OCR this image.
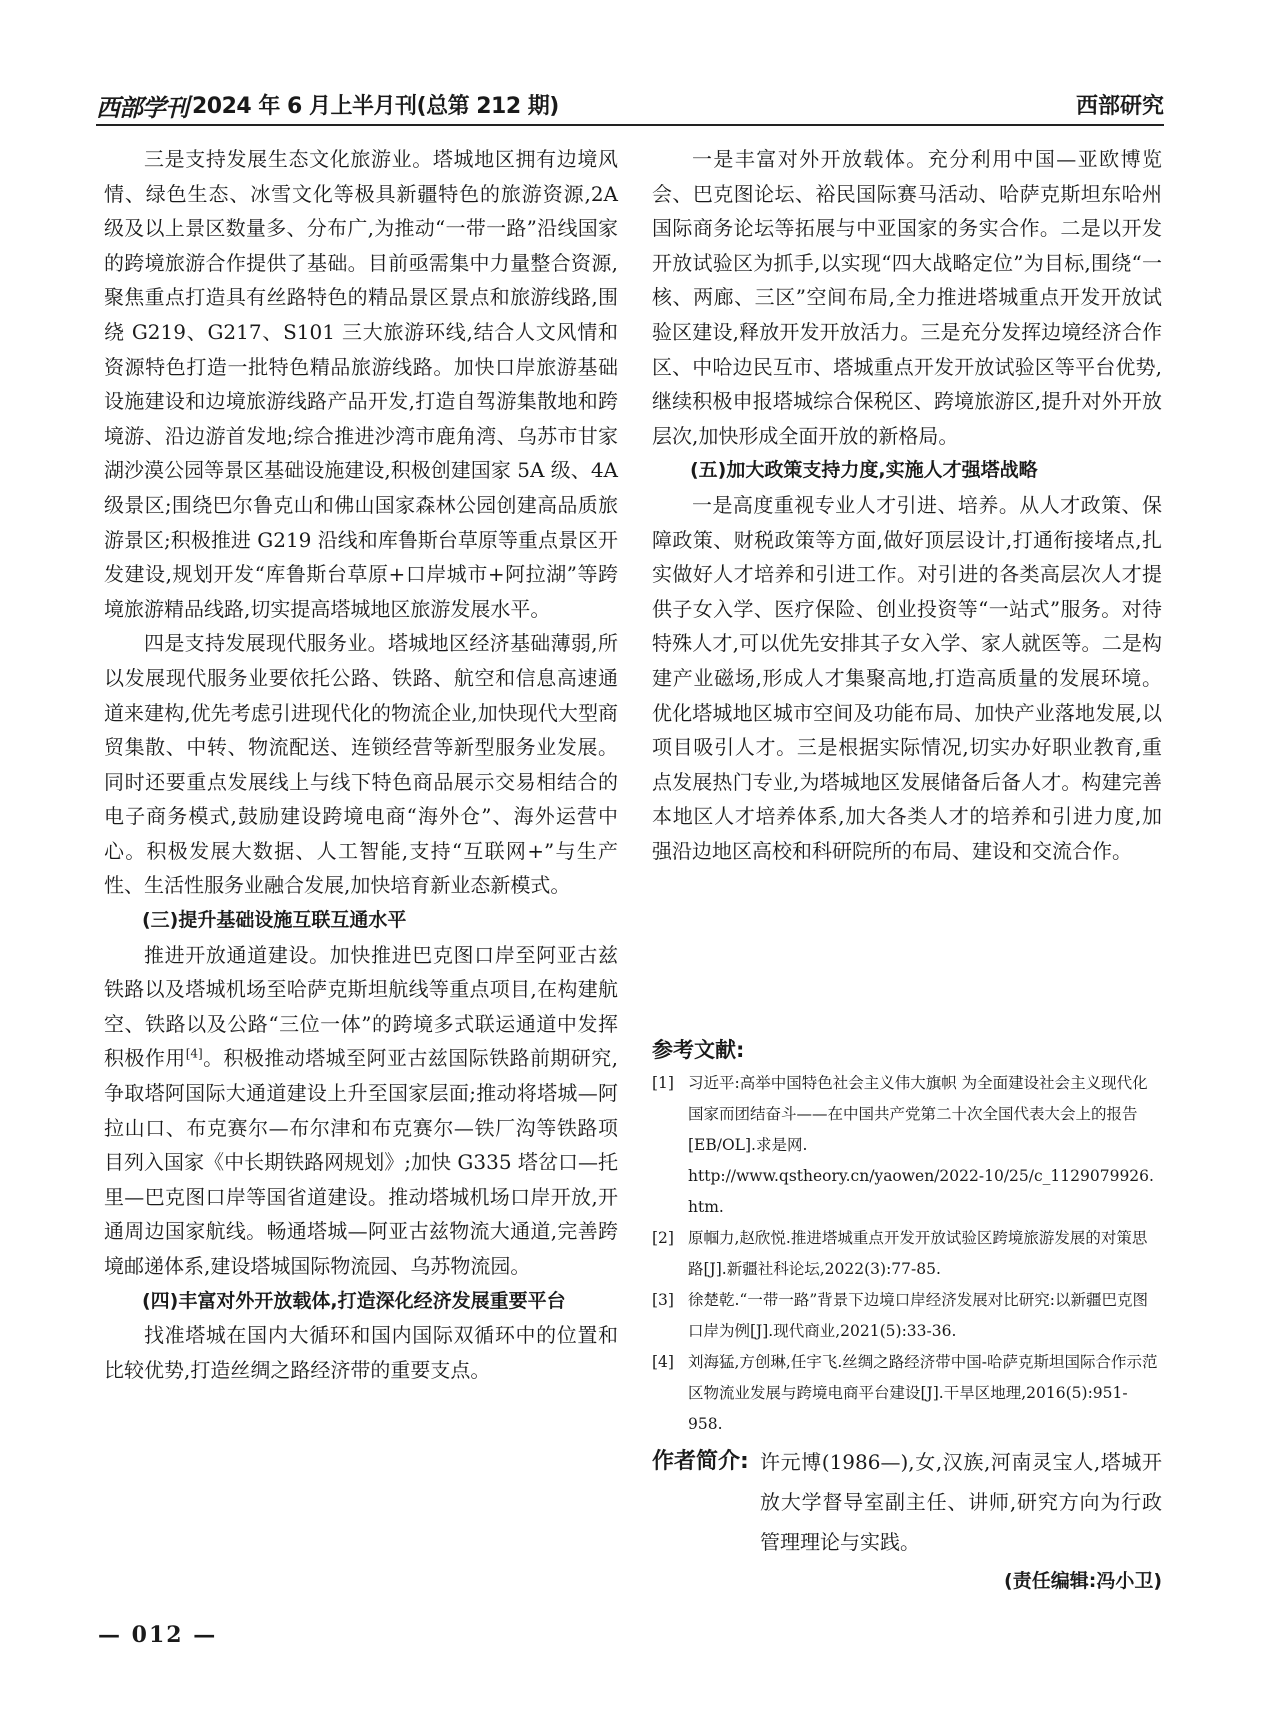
西部学刊 2024 年 6 月上半月刊(总第 212 期)	西部研究

三是支持发展生态文化旅游业。塔城地区拥有边境风情、绿色生态、冰雪文化等极具新疆特色的旅游资源,2A 级及以上景区数量多、分布广,为推动“一带一路”沿线国家的跨境旅游合作提供了基础。目前亟需集中力量整合资源,聚焦重点打造具有丝路特色的精品景区景点和旅游线路,围绕 G219、G217、S101 三大旅游环线,结合人文风情和资源特色打造一批特色精品旅游线路。加快口岸旅游基础设施建设和边境旅游线路产品开发,打造自驾游集散地和跨境游、沿边游首发地;综合推进沙湾市鹿角湾、乌苏市甘家湖沙漠公园等景区基础设施建设,积极创建国家 5A 级、4A 级景区;围绕巴尔鲁克山和佛山国家森林公园创建高品质旅游景区;积极推进 G219 沿线和库鲁斯台草原等重点景区开发建设,规划开发“库鲁斯台草原+口岸城市+阿拉湖”等跨境旅游精品线路,切实提高塔城地区旅游发展水平。

四是支持发展现代服务业。塔城地区经济基础薄弱,所以发展现代服务业要依托公路、铁路、航空和信息高速通道来建构,优先考虑引进现代化的物流企业,加快现代大型商贸集散、中转、物流配送、连锁经营等新型服务业发展。同时还要重点发展线上与线下特色商品展示交易相结合的电子商务模式,鼓励建设跨境电商“海外仓”、海外运营中心。积极发展大数据、人工智能,支持“互联网+”与生产性、生活性服务业融合发展,加快培育新业态新模式。

(三)提升基础设施互联互通水平

推进开放通道建设。加快推进巴克图口岸至阿亚古兹铁路以及塔城机场至哈萨克斯坦航线等重点项目,在构建航空、铁路以及公路“三位一体”的跨境多式联运通道中发挥积极作用[4]。积极推动塔城至阿亚古兹国际铁路前期研究,争取塔阿国际大通道建设上升至国家层面;推动将塔城—阿拉山口、布克赛尔—布尔津和布克赛尔—铁厂沟等铁路项目列入国家《中长期铁路网规划》;加快 G335 塔岔口—托里—巴克图口岸等国省道建设。推动塔城机场口岸开放,开通周边国家航线。畅通塔城—阿亚古兹物流大通道,完善跨境邮递体系,建设塔城国际物流园、乌苏物流园。

(四)丰富对外开放载体,打造深化经济发展重要平台

找准塔城在国内大循环和国内国际双循环中的位置和比较优势,打造丝绸之路经济带的重要支点。

一是丰富对外开放载体。充分利用中国—亚欧博览会、巴克图论坛、裕民国际赛马活动、哈萨克斯坦东哈州国际商务论坛等拓展与中亚国家的务实合作。二是以开发开放试验区为抓手,以实现“四大战略定位”为目标,围绕“一核、两廊、三区”空间布局,全力推进塔城重点开发开放试验区建设,释放开发开放活力。三是充分发挥边境经济合作区、中哈边民互市、塔城重点开发开放试验区等平台优势,继续积极申报塔城综合保税区、跨境旅游区,提升对外开放层次,加快形成全面开放的新格局。

(五)加大政策支持力度,实施人才强塔战略

一是高度重视专业人才引进、培养。从人才政策、保障政策、财税政策等方面,做好顶层设计,打通衔接堵点,扎实做好人才培养和引进工作。对引进的各类高层次人才提供子女入学、医疗保险、创业投资等“一站式”服务。对待特殊人才,可以优先安排其子女入学、家人就医等。二是构建产业磁场,形成人才集聚高地,打造高质量的发展环境。优化塔城地区城市空间及功能布局、加快产业落地发展,以项目吸引人才。三是根据实际情况,切实办好职业教育,重点发展热门专业,为塔城地区发展储备后备人才。构建完善本地区人才培养体系,加大各类人才的培养和引进力度,加强沿边地区高校和科研院所的布局、建设和交流合作。

参考文献:
[1] 习近平:高举中国特色社会主义伟大旗帜 为全面建设社会主义现代化国家而团结奋斗——在中国共产党第二十次全国代表大会上的报告[EB/OL].求是网.
http://www.qstheory.cn/yaowen/2022-10/25/c_1129079926.htm.
[2] 原帼力,赵欣悦.推进塔城重点开发开放试验区跨境旅游发展的对策思路[J].新疆社科论坛,2022(3):77-85.
[3] 徐楚乾.“一带一路”背景下边境口岸经济发展对比研究:以新疆巴克图口岸为例[J].现代商业,2021(5):33-36.
[4] 刘海猛,方创琳,任宇飞.丝绸之路经济带中国-哈萨克斯坦国际合作示范区物流业发展与跨境电商平台建设[J].干旱区地理,2016(5):951-958.
作者简介: 许元博(1986—),女,汉族,河南灵宝人,塔城开放大学督导室副主任、讲师,研究方向为行政管理理论与实践。
(责任编辑:冯小卫)
— 012 —
